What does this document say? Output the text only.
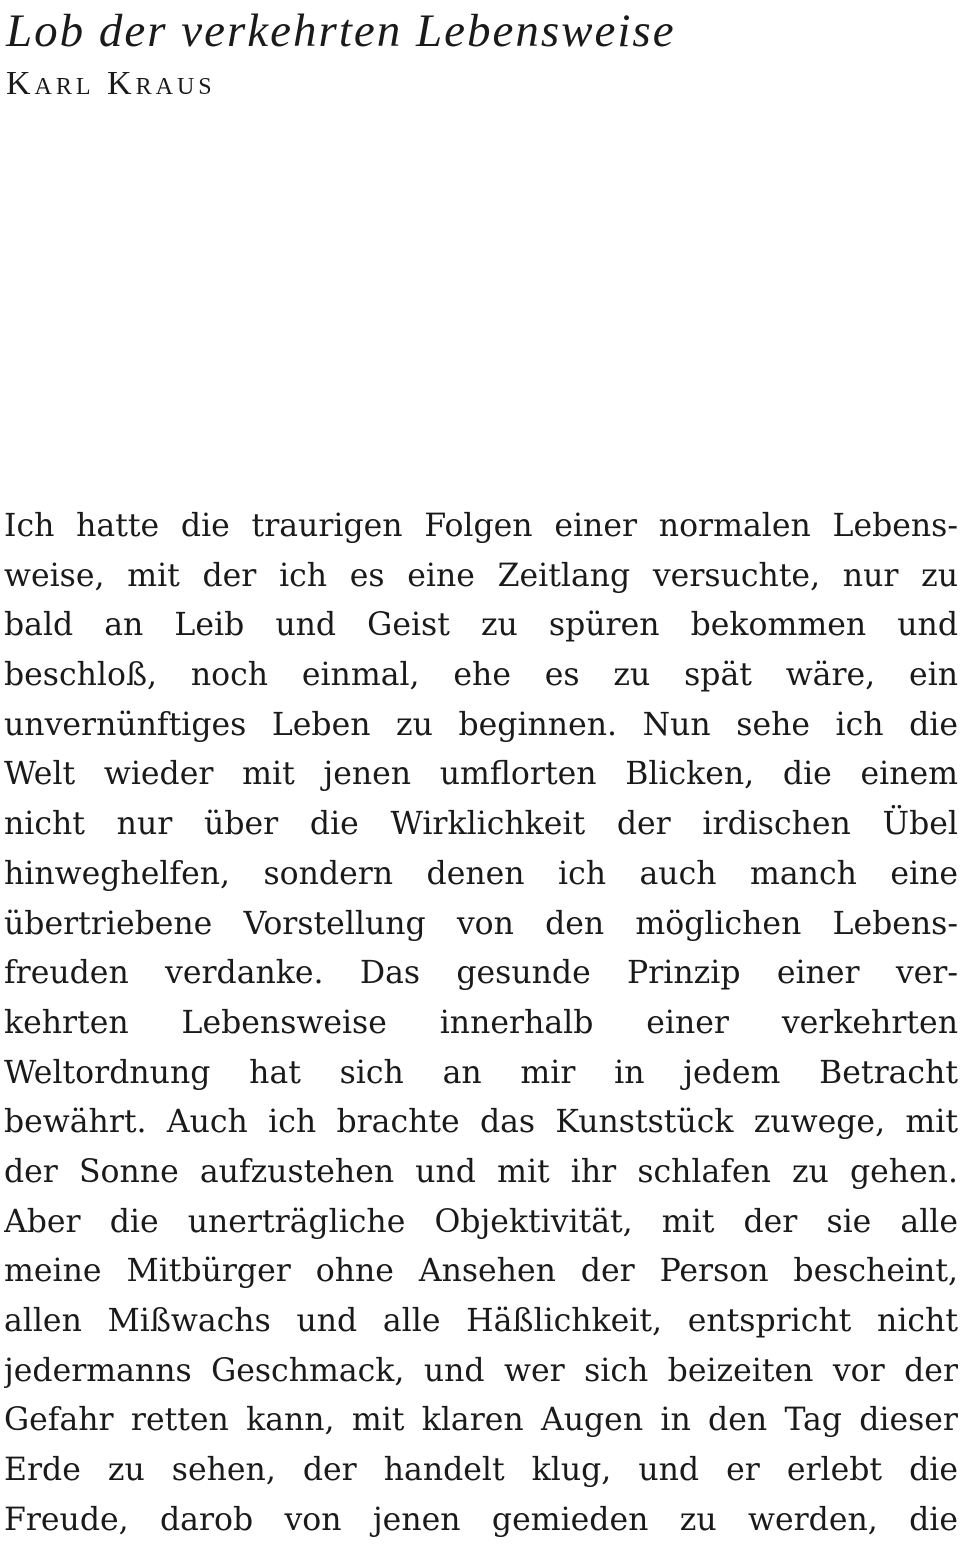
Lob der verkehrten Lebensweise
Karl Kraus
Ich hatte die traurigen Folgen einer normalen Lebens-
weise, mit der ich es eine Zeitlang versuchte, nur zu
bald an Leib und Geist zu spüren bekommen und
beschloß, noch einmal, ehe es zu spät wäre, ein
unvernünftiges Leben zu beginnen. Nun sehe ich die
Welt wieder mit jenen umflorten Blicken, die einem
nicht nur über die Wirklichkeit der irdischen Übel
hinweghelfen, sondern denen ich auch manch eine
übertriebene Vorstellung von den möglichen Lebens-
freuden verdanke. Das gesunde Prinzip einer ver-
kehrten Lebensweise innerhalb einer verkehrten
Weltordnung hat sich an mir in jedem Betracht
bewährt. Auch ich brachte das Kunststück zuwege, mit
der Sonne aufzustehen und mit ihr schlafen zu gehen.
Aber die unerträgliche Objektivität, mit der sie alle
meine Mitbürger ohne Ansehen der Person bescheint,
allen Mißwachs und alle Häßlichkeit, entspricht nicht
jedermanns Geschmack, und wer sich beizeiten vor der
Gefahr retten kann, mit klaren Augen in den Tag dieser
Erde zu sehen, der handelt klug, und er erlebt die
Freude, darob von jenen gemieden zu werden, die
